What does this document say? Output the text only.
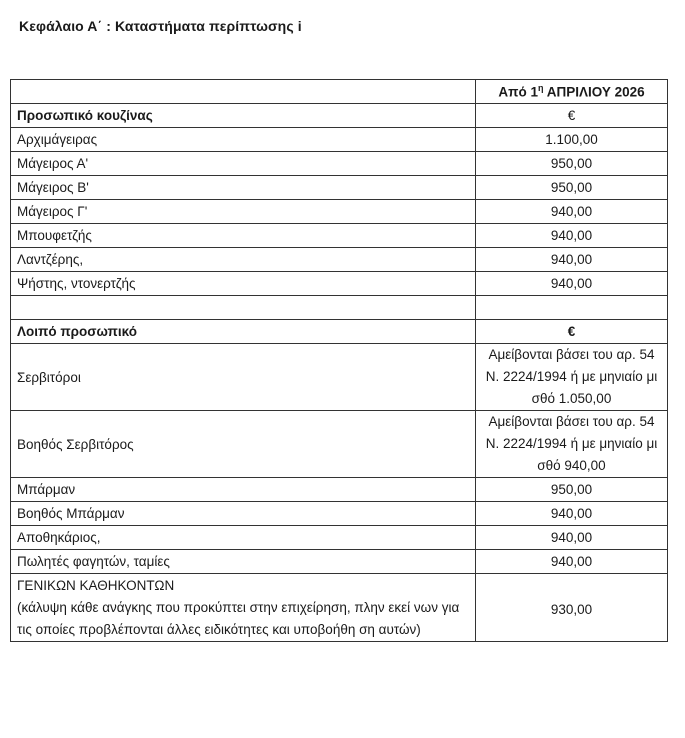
Κεφάλαιο Α΄ : Καταστήματα περίπτωσης i
	Από $1^\eta$ ΑΠΡΙΛΙΟΥ 2026
Προσωπικό κουζίνας	€
Αρχιμάγειρας	1.100,00
Μάγειρος Α'	950,00
Μάγειρος Β'	950,00
Μάγειρος Γ'	940,00
Μπουφετζής	940,00
Λαντζέρης,	940,00
Ψήστης, ντονερτζής	940,00

Λοιπό προσωπικό	€
Σερβιτόροι	Αμείβονται βάσει του αρ. 54 Ν. 2224/1994 ή με μηνιαίο μι σθό 1.050,00
Βοηθός Σερβιτόρος	Αμείβονται βάσει του αρ. 54 Ν. 2224/1994 ή με μηνιαίο μι σθό 940,00
Μπάρμαν	950,00
Βοηθός Μπάρμαν	940,00
Αποθηκάριος,	940,00
Πωλητές φαγητών, ταμίες	940,00

ΓΕΝΙΚΩΝ ΚΑΘΗΚΟΝΤΩΝ
(κάλυψη κάθε ανάγκης που προκύπτει στην επιχείρηση, πλην εκεί νων για τις οποίες προβλέπονται άλλες ειδικότητες και υποβοήθη ση αυτών)	930,00
